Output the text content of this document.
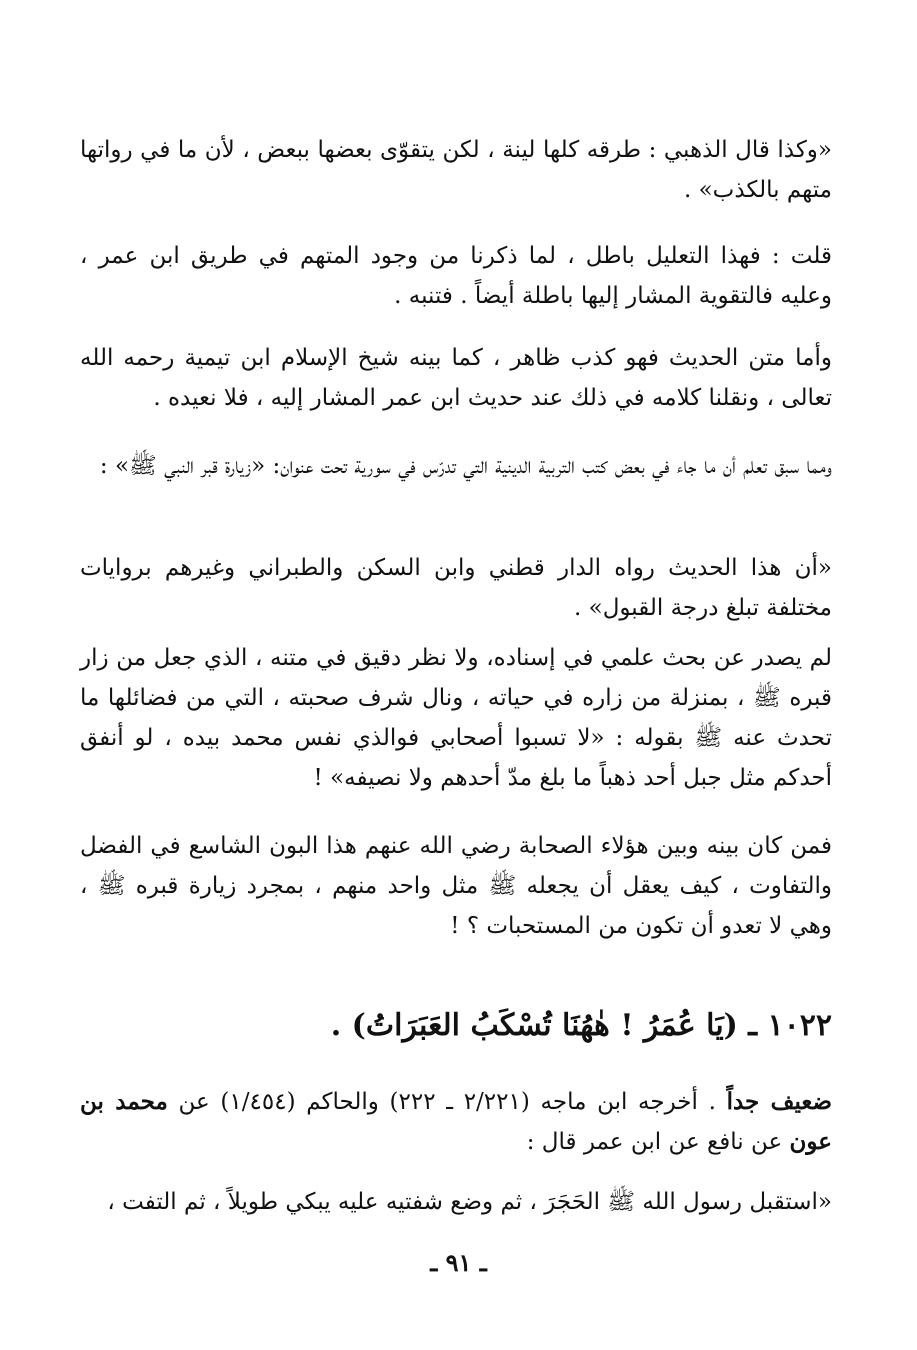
«وكذا قال الذهبي : طرقه كلها لينة ، لكن يتقوّى بعضها ببعض ، لأن ما في رواتها متهم بالكذب» .

قلت : فهذا التعليل باطل ، لما ذكرنا من وجود المتهم في طريق ابن عمر ، وعليه فالتقوية المشار إليها باطلة أيضاً . فتنبه .

وأما متن الحديث فهو كذب ظاهر ، كما بينه شيخ الإسلام ابن تيمية رحمه الله تعالى ، ونقلنا كلامه في ذلك عند حديث ابن عمر المشار إليه ، فلا نعيده .

ومما سبق تعلم أن ما جاء في بعض كتب التربية الدينية التي تدرّس في سورية تحت عنوان: «زيارة قبر النبي ﷺ» :

«أن هذا الحديث رواه الدار قطني وابن السكن والطبراني وغيرهم بروايات مختلفة تبلغ درجة القبول» .

لم يصدر عن بحث علمي في إسناده، ولا نظر دقيق في متنه ، الذي جعل من زار قبره ﷺ ، بمنزلة من زاره في حياته ، ونال شرف صحبته ، التي من فضائلها ما تحدث عنه ﷺ بقوله : «لا تسبوا أصحابي فوالذي نفس محمد بيده ، لو أنفق أحدكم مثل جبل أحد ذهباً ما بلغ مدّ أحدهم ولا نصيفه» !

فمن كان بينه وبين هؤلاء الصحابة رضي الله عنهم هذا البون الشاسع في الفضل والتفاوت ، كيف يعقل أن يجعله ﷺ مثل واحد منهم ، بمجرد زيارة قبره ﷺ ، وهي لا تعدو أن تكون من المستحبات ؟ !

١٠٢٢ ـ (يَا عُمَرُ ! هٰهُنَا تُسْكَبُ العَبَرَاتُ) .

ضعيف جداً . أخرجه ابن ماجه (٢/٢٢١ ـ ٢٢٢) والحاكم (١/٤٥٤) عن محمد بن عون عن نافع عن ابن عمر قال :

«استقبل رسول الله ﷺ الحَجَرَ ، ثم وضع شفتيه عليه يبكي طويلاً ، ثم التفت ،

ـ ٩١ ـ
